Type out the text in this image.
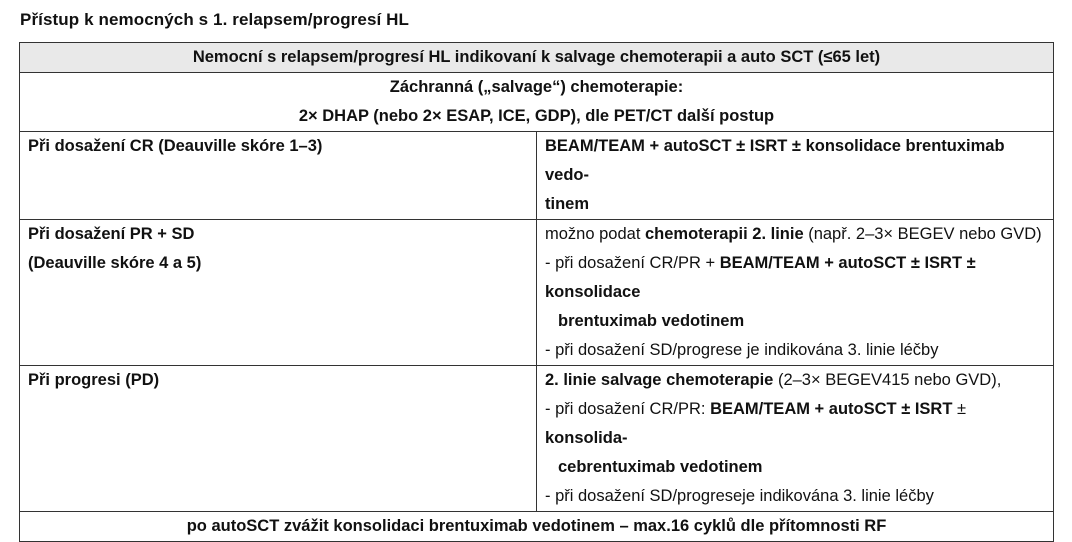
Přístup k nemocných s 1. relapsem/progresí HL
Nemocní s relapsem/progresí HL indikovaní k salvage chemoterapii a auto SCT (≤65 let)	

Záchranná („salvage“) chemoterapie:
2× DHAP (nebo 2× ESAP, ICE, GDP), dle PET/CT další postup	

Při dosažení CR (Deauville skóre 1–3)	BEAM/TEAM + autoSCT ± ISRT ± konsolidace brentuximab vedo-
tinem

Při dosažení PR + SD
(Deauville skóre 4 a 5)	možno podat chemoterapii 2. linie (např. 2–3× BEGEV nebo GVD)
- při dosažení CR/PR + BEAM/TEAM + autoSCT ± ISRT ± konsolidace
brentuximab vedotinem
- při dosažení SD/progrese je indikována 3. linie léčby

Při progresi (PD)	2. linie salvage chemoterapie (2–3× BEGEV415 nebo GVD),
- při dosažení CR/PR: BEAM/TEAM + autoSCT ± ISRT ± konsolida-
cebrentuximab vedotinem
- při dosažení SD/progreseje indikována 3. linie léčby

po autoSCT zvážit konsolidaci brentuximab vedotinem – max.16 cyklů dle přítomnosti RF	
